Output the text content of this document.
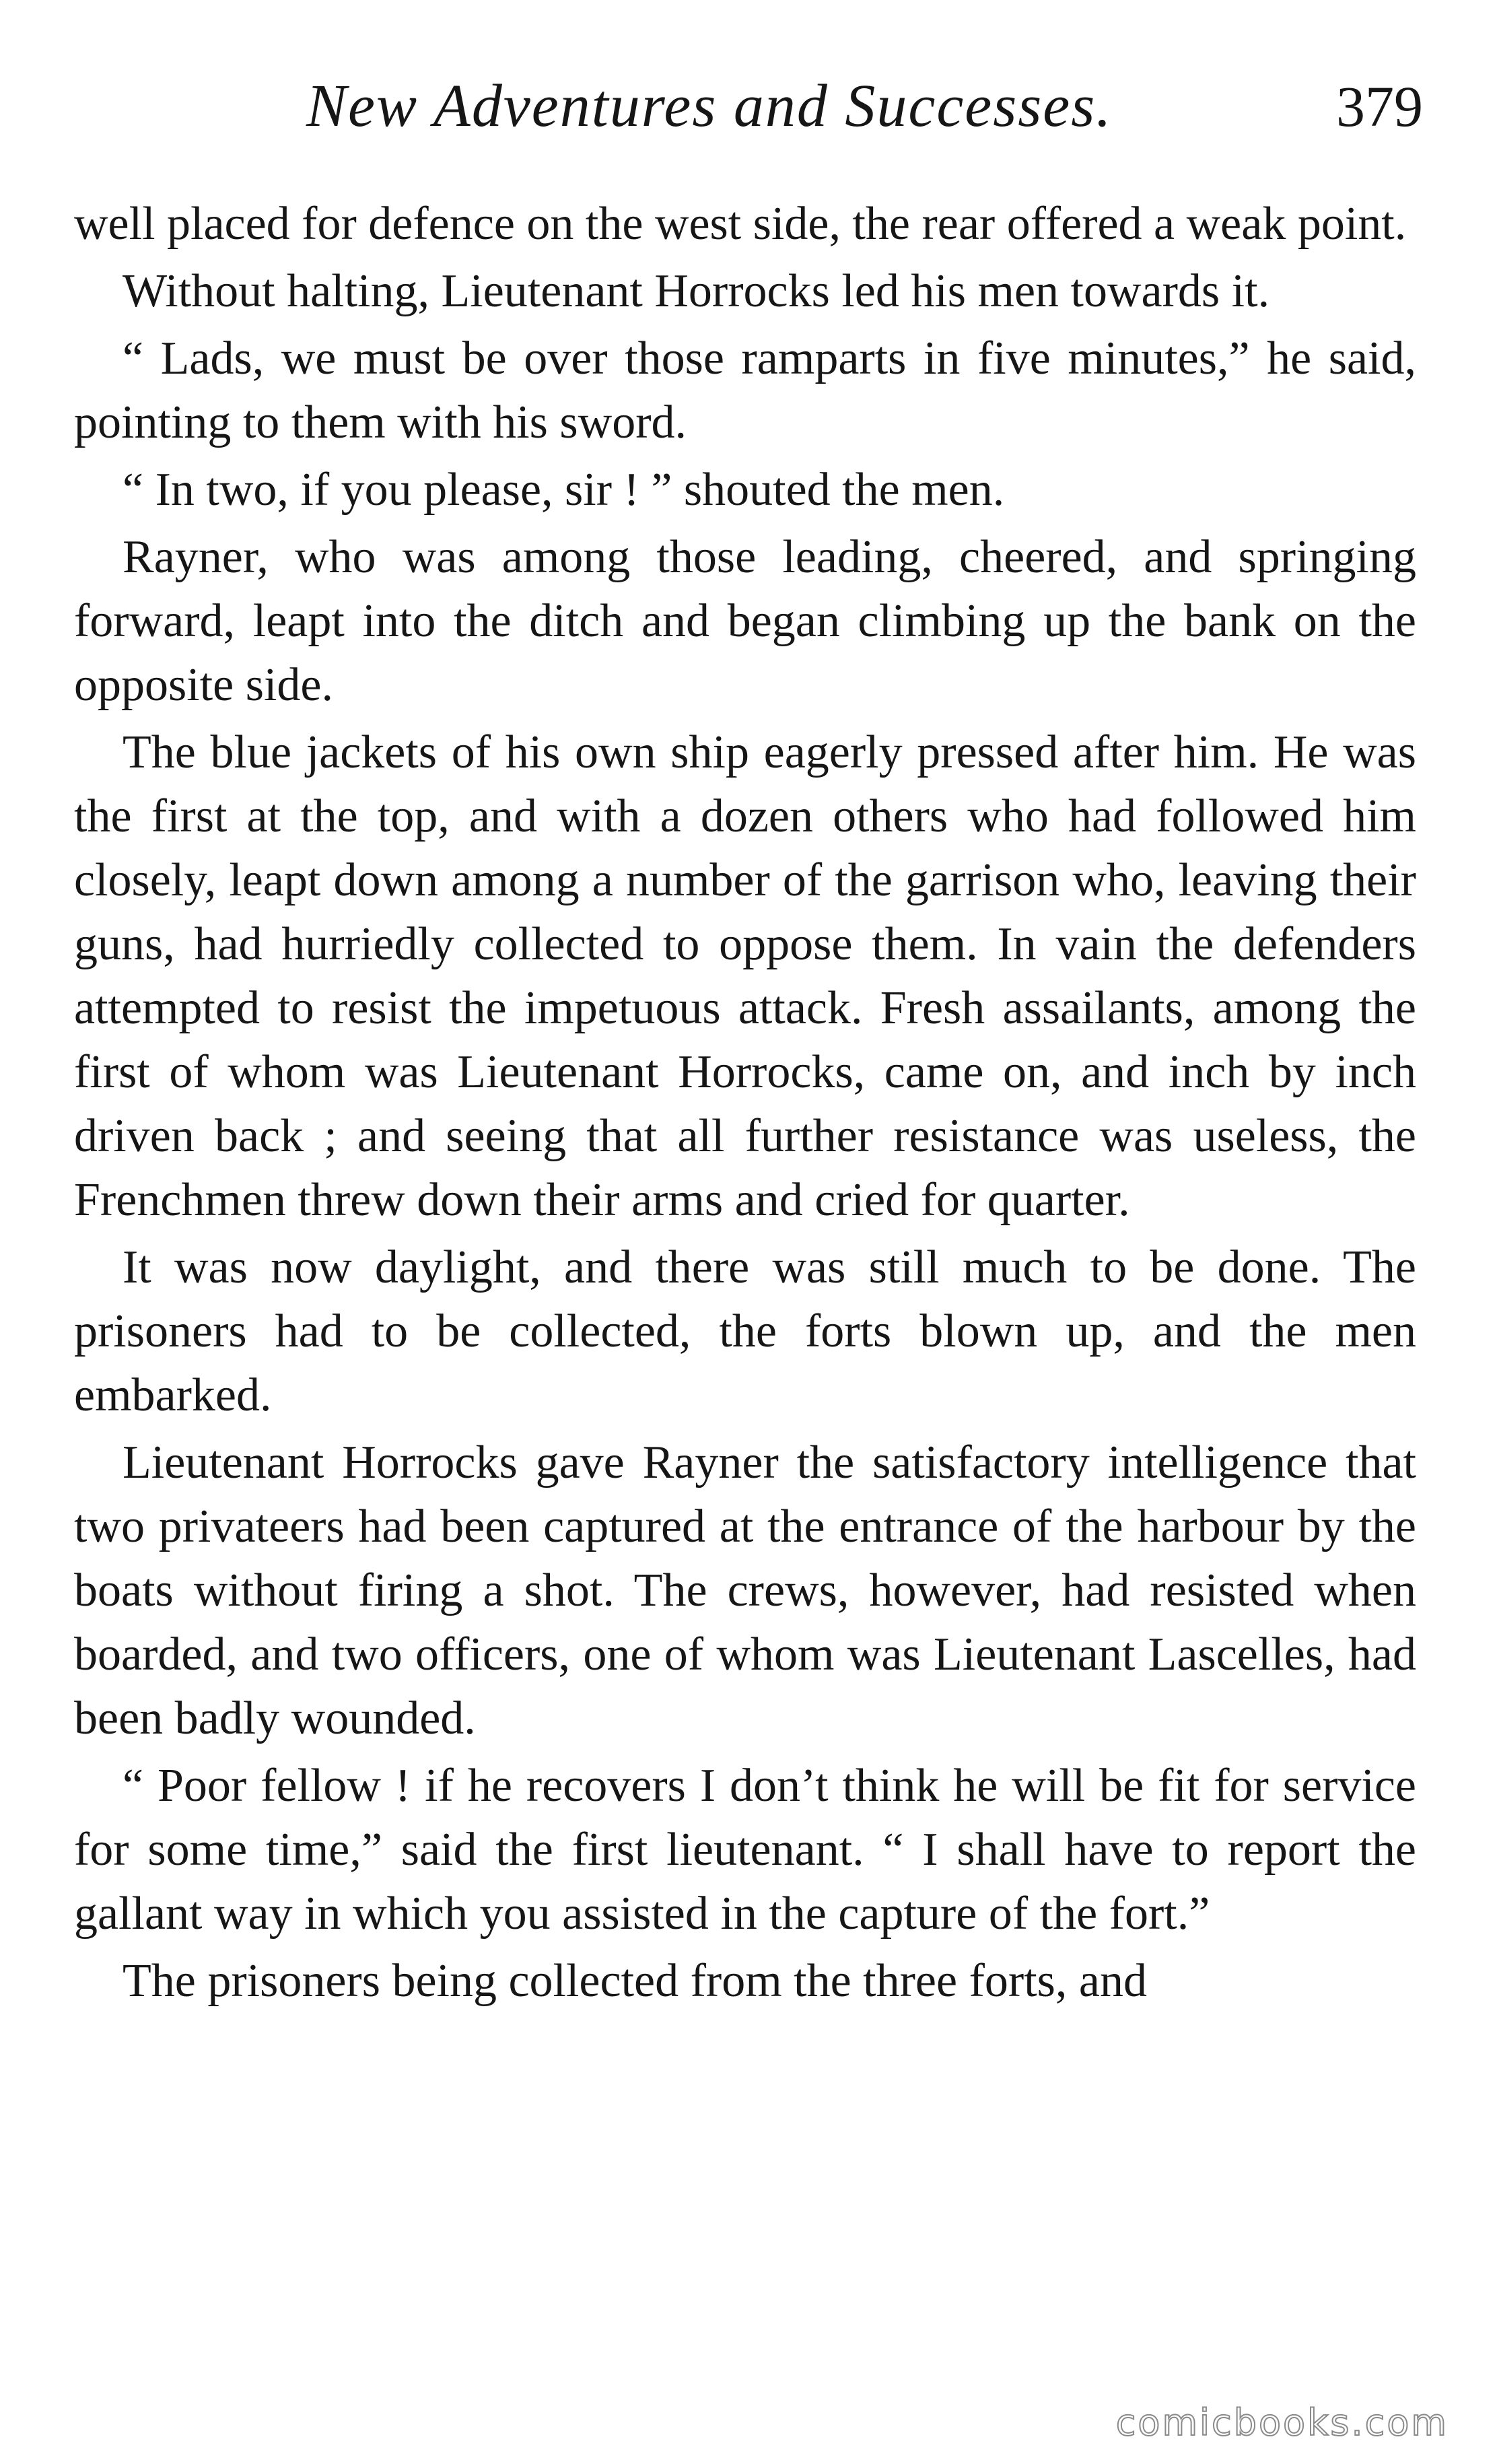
New Adventures and Successes.	379

well placed for defence on the west side, the rear offered a weak point.

Without halting, Lieutenant Horrocks led his men towards it.

“ Lads, we must be over those ramparts in five minutes,” he said, pointing to them with his sword.

“ In two, if you please, sir ! ” shouted the men.

Rayner, who was among those leading, cheered, and springing forward, leapt into the ditch and began climbing up the bank on the opposite side.

The blue jackets of his own ship eagerly pressed after him. He was the first at the top, and with a dozen others who had followed him closely, leapt down among a number of the garrison who, leaving their guns, had hurriedly collected to oppose them. In vain the defenders attempted to resist the impetuous attack. Fresh assailants, among the first of whom was Lieutenant Horrocks, came on, and inch by inch driven back ; and seeing that all further resistance was useless, the Frenchmen threw down their arms and cried for quarter.

It was now daylight, and there was still much to be done. The prisoners had to be collected, the forts blown up, and the men embarked.

Lieutenant Horrocks gave Rayner the satisfactory intelligence that two privateers had been captured at the entrance of the harbour by the boats without firing a shot. The crews, however, had resisted when boarded, and two officers, one of whom was Lieutenant Lascelles, had been badly wounded.

“ Poor fellow ! if he recovers I don’t think he will be fit for service for some time,” said the first lieutenant. “ I shall have to report the gallant way in which you assisted in the capture of the fort.”

The prisoners being collected from the three forts, and

comicbooks.com
